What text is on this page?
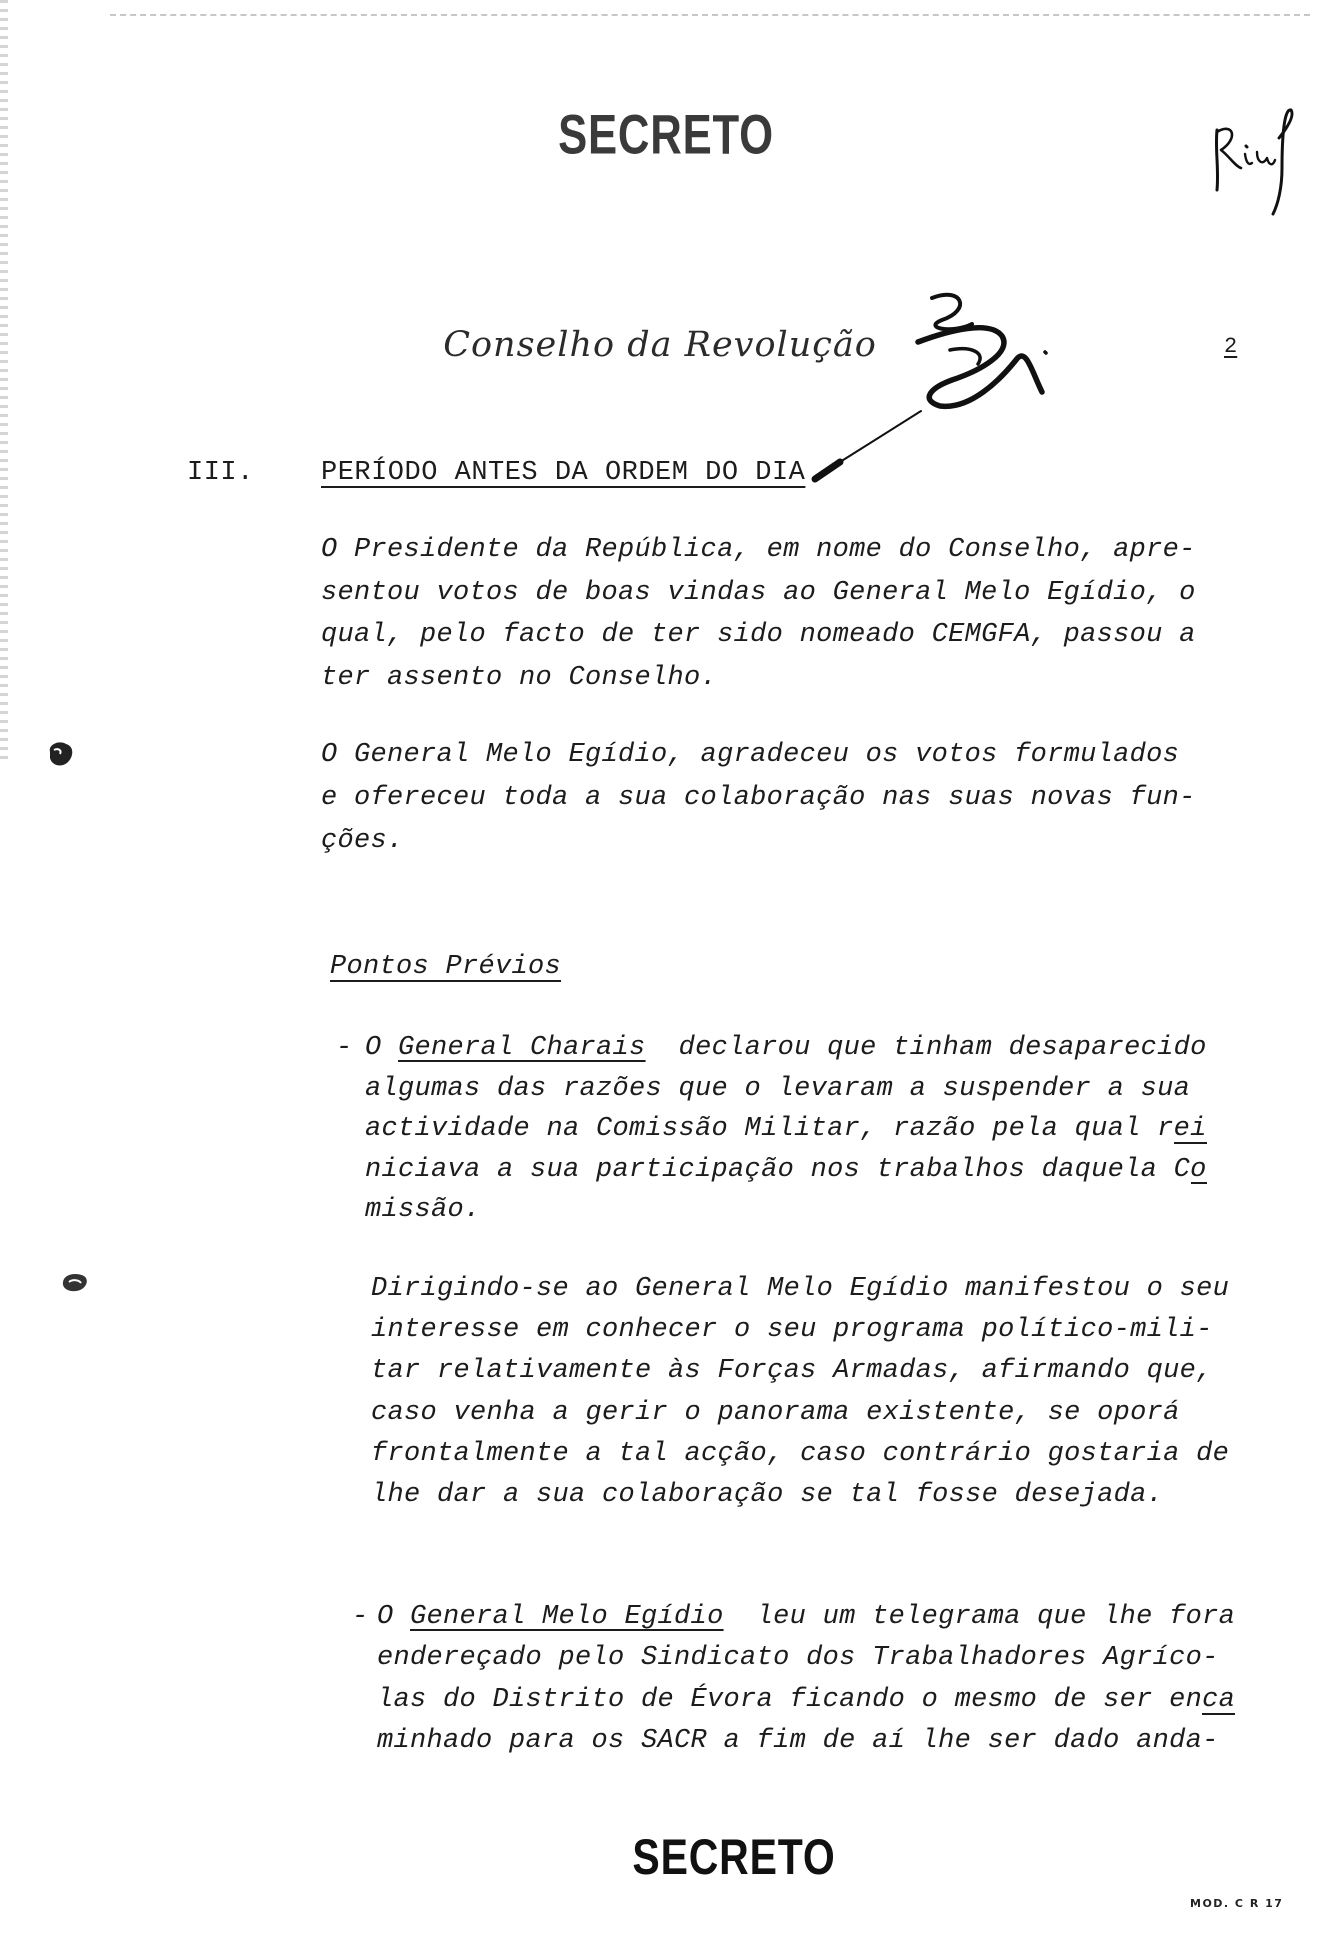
SECRETO
Conselho da Revolução	2
III. PERÍODO ANTES DA ORDEM DO DIA
O Presidente da República, em nome do Conselho, apre-
sentou votos de boas vindas ao General Melo Egídio, o
qual, pelo facto de ter sido nomeado CEMGFA, passou a
ter assento no Conselho.
O General Melo Egídio, agradeceu os votos formulados
e ofereceu toda a sua colaboração nas suas novas fun-
ções.
Pontos Prévios
- O General Charais  declarou que tinham desaparecido
algumas das razões que o levaram a suspender a sua
actividade na Comissão Militar, razão pela qual rei
niciava a sua participação nos trabalhos daquela Co
missão.
Dirigindo-se ao General Melo Egídio manifestou o seu
interesse em conhecer o seu programa político-mili-
tar relativamente às Forças Armadas, afirmando que,
caso venha a gerir o panorama existente, se oporá
frontalmente a tal acção, caso contrário gostaria de
lhe dar a sua colaboração se tal fosse desejada.
- O General Melo Egídio  leu um telegrama que lhe fora
endereçado pelo Sindicato dos Trabalhadores Agríco-
las do Distrito de Évora ficando o mesmo de ser enca
minhado para os SACR a fim de aí lhe ser dado anda-
SECRETO
MOD. C R 17
